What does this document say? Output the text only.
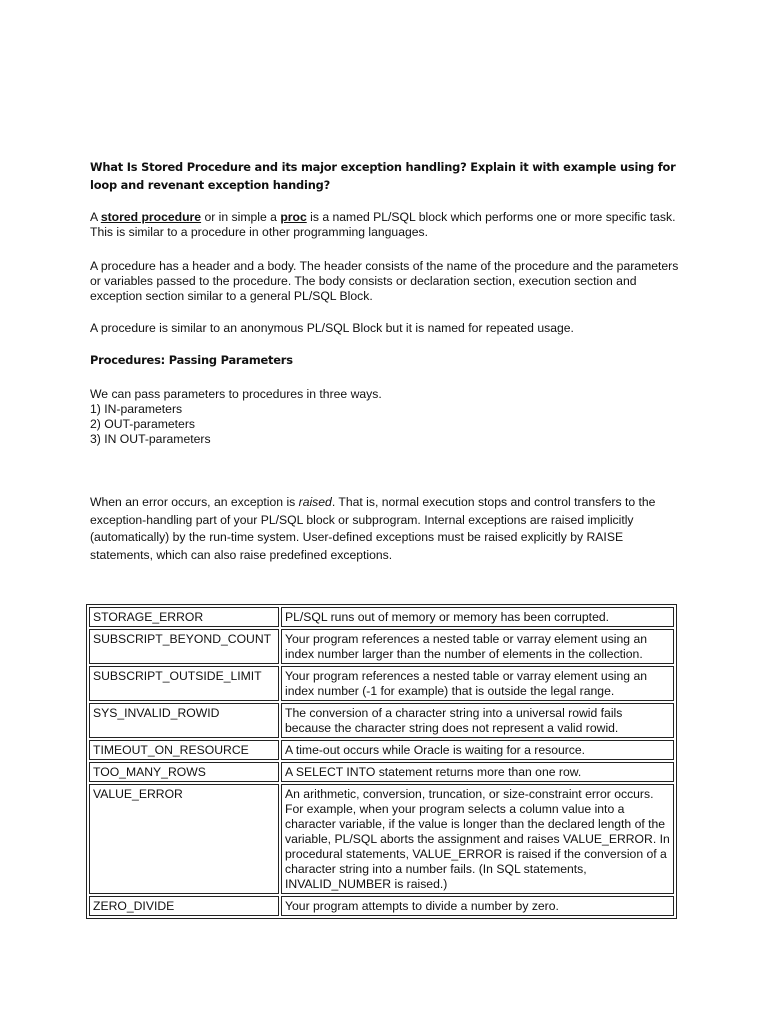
What Is Stored Procedure and its major exception handling? Explain it with example using for loop and revenant exception handing?

A stored procedure or in simple a proc is a named PL/SQL block which performs one or more specific task. This is similar to a procedure in other programming languages.

A procedure has a header and a body. The header consists of the name of the procedure and the parameters or variables passed to the procedure. The body consists or declaration section, execution section and exception section similar to a general PL/SQL Block.

A procedure is similar to an anonymous PL/SQL Block but it is named for repeated usage.

Procedures: Passing Parameters
We can pass parameters to procedures in three ways.
1) IN-parameters
2) OUT-parameters
3) IN OUT-parameters

When an error occurs, an exception is raised. That is, normal execution stops and control transfers to the exception-handling part of your PL/SQL block or subprogram. Internal exceptions are raised implicitly (automatically) by the run-time system. User-defined exceptions must be raised explicitly by RAISE statements, which can also raise predefined exceptions.

STORAGE_ERROR	PL/SQL runs out of memory or memory has been corrupted.
SUBSCRIPT_BEYOND_COUNT	Your program references a nested table or varray element using an index number larger than the number of elements in the collection.
SUBSCRIPT_OUTSIDE_LIMIT	Your program references a nested table or varray element using an index number (-1 for example) that is outside the legal range.
SYS_INVALID_ROWID	The conversion of a character string into a universal rowid fails because the character string does not represent a valid rowid.
TIMEOUT_ON_RESOURCE	A time-out occurs while Oracle is waiting for a resource.
TOO_MANY_ROWS	A SELECT INTO statement returns more than one row.
VALUE_ERROR	An arithmetic, conversion, truncation, or size-constraint error occurs. For example, when your program selects a column value into a character variable, if the value is longer than the declared length of the variable, PL/SQL aborts the assignment and raises VALUE_ERROR. In procedural statements, VALUE_ERROR is raised if the conversion of a character string into a number fails. (In SQL statements, INVALID_NUMBER is raised.)
ZERO_DIVIDE	Your program attempts to divide a number by zero.
